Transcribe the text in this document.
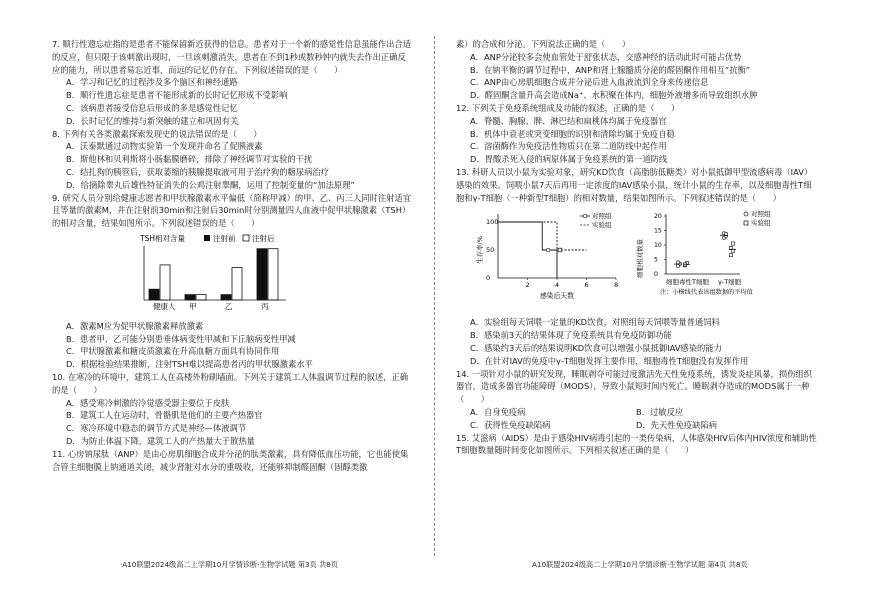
7. 顺行性遗忘症指的是患者不能保留新近获得的信息。患者对于一个新的感觉性信息虽能作出合适的反应，但只限于该刺激出现时，一旦该刺激消失，患者在不到1秒或数秒钟内就失去作出正确反应的能力，所以患者易忘近事，而远的记忆仍存在。下列叙述错误的是（　　）

A．学习和记忆的过程涉及多个脑区和神经通路
B．顺行性遗忘症是患者不能形成新的长时记忆形成不受影响
C．该病患者接受信息后形成的多是感觉性记忆
D．长时记忆的维持与新突触的建立和巩固有关

8. 下列有关各类激素探索发现史的说法错误的是（　　）

A．沃泰默通过动物实验第一个发现并命名了促胰液素
B．斯他林和贝利斯将小肠黏膜磨碎，排除了神经调节对实验的干扰
C．结扎狗的胰管后，获取萎缩的胰腺提取液可用于治疗狗的糖尿病治疗
D．给摘除睾丸后雄性特征消失的公鸡注射睾酮，运用了控制变量的“加法原理”

9. 研究人员分别给健康志愿者和甲状腺激素水平偏低（简称甲减）的甲、乙、丙三人同时注射适宜且等量的激素M，并在注射前30min和注射后30min时分别测量四人血液中促甲状腺激素（TSH）的相对含量，结果如图所示。下列叙述错误的是（　　）

TSH相对含量	注射前 注射后
健康人 甲	乙	丙
A．激素M应为促甲状腺激素释放激素
B．患者甲、乙可能分别患垂体病变性甲减和下丘脑病变性甲减
C．甲状腺激素和糖皮质激素在升高血糖方面具有协同作用
D．根据检验结果推断，注射TSH难以提高患者丙的甲状腺激素水平

10. 在寒冷的环境中，建筑工人在高楼外粉刷墙面。下列关于建筑工人体温调节过程的叙述，正确的是（　　）

A．感受寒冷刺激的冷觉感受器主要位于皮肤
B．建筑工人在运动时，骨骼肌是他们的主要产热器官
C．寒冷环境中稳态的调节方式是神经—体液调节
D．为防止体温下降，建筑工人的产热量大于散热量

11. 心房钠尿肽（ANP）是由心房肌细胞合成并分泌的肽类激素，具有降低血压功能，它也能使集合管主细胞膜上钠通道关闭，减少肾脏对水分的重吸收，还能够抑制醛固酮（固醇类激

素）的合成和分泌。下列说法正确的是（　　）

A．ANP分泌较多会使血管处于舒张状态，交感神经的活动此时可能占优势
B．在钠平衡的调节过程中，ANP和肾上腺髓质分泌的醛固酮作用相互“抗衡”
C．ANP由心房肌细胞合成并分泌后进入血液流到全身来传递信息
D．醛固酮含量升高会造成Na⁺、水积聚在体内，细胞外液增多而导致组织水肿

12. 下列关于免疫系统组成及功能的叙述，正确的是（　　）

A．脊髓、胸腺、脾、淋巴结和扁桃体均属于免疫器官
B．机体中衰老或突变细胞的识别和清除均属于免疫自稳
C．溶菌酶作为免疫活性物质只在第二道防线中起作用
D．胃酸杀死入侵的病原体属于免疫系统的第一道防线

13. 科研人员以小鼠为实验对象，研究KD饮食（高脂肪低糖类）对小鼠抵御甲型流感病毒（IAV）感染的效果。饲喂小鼠7天后再用一定浓度的IAV感染小鼠，统计小鼠的生存率，以及细胞毒性T细胞和γ-T细胞（一种新型T细胞）的相对数量，结果如图所示。下列叙述错误的是（　　）

生存率/%
2	4	6	8
0
50
100
对照组
实验组
感染后天数
细胞相对数量 0
5
10
15
20	对照组
实验组
细胞毒性T细胞 γ-T细胞
注：小横线代表该组数据的平均值
A．实验组每天饲喂一定量的KD饮食，对照组每天饲喂等量普通饲料
B．感染前3天的结果体现了免疫系统具有免疫防御功能
C．感染约3天后的结果说明KD饮食可以增强小鼠抵御IAV感染的能力
D．在针对IAV的免疫中γ-T细胞发挥主要作用，细胞毒性T细胞没有发挥作用

14. 一项针对小鼠的研究发现，睡眠剥夺可能过度激活先天性免疫系统，诱发炎症风暴，损伤组织器官，造成多器官功能障碍（MODS），导致小鼠短时间内死亡。睡眠剥夺造成的MODS属于一种（　　）

A．自身免疫病	B．过敏反应
C．获得性免疫缺陷病	D．先天性免疫缺陷病

15. 艾滋病（AIDS）是由于感染HIV病毒引起的一类传染病，人体感染HIV后体内HIV浓度和辅助性T细胞数量随时间变化如图所示。下列相关叙述正确的是（　　）

·A10联盟2024级高二上学期10月学情诊断·生物学试题 第3页 共8页	A10联盟2024级高二上学期10月学情诊断·生物学试题 第4页 共8页
